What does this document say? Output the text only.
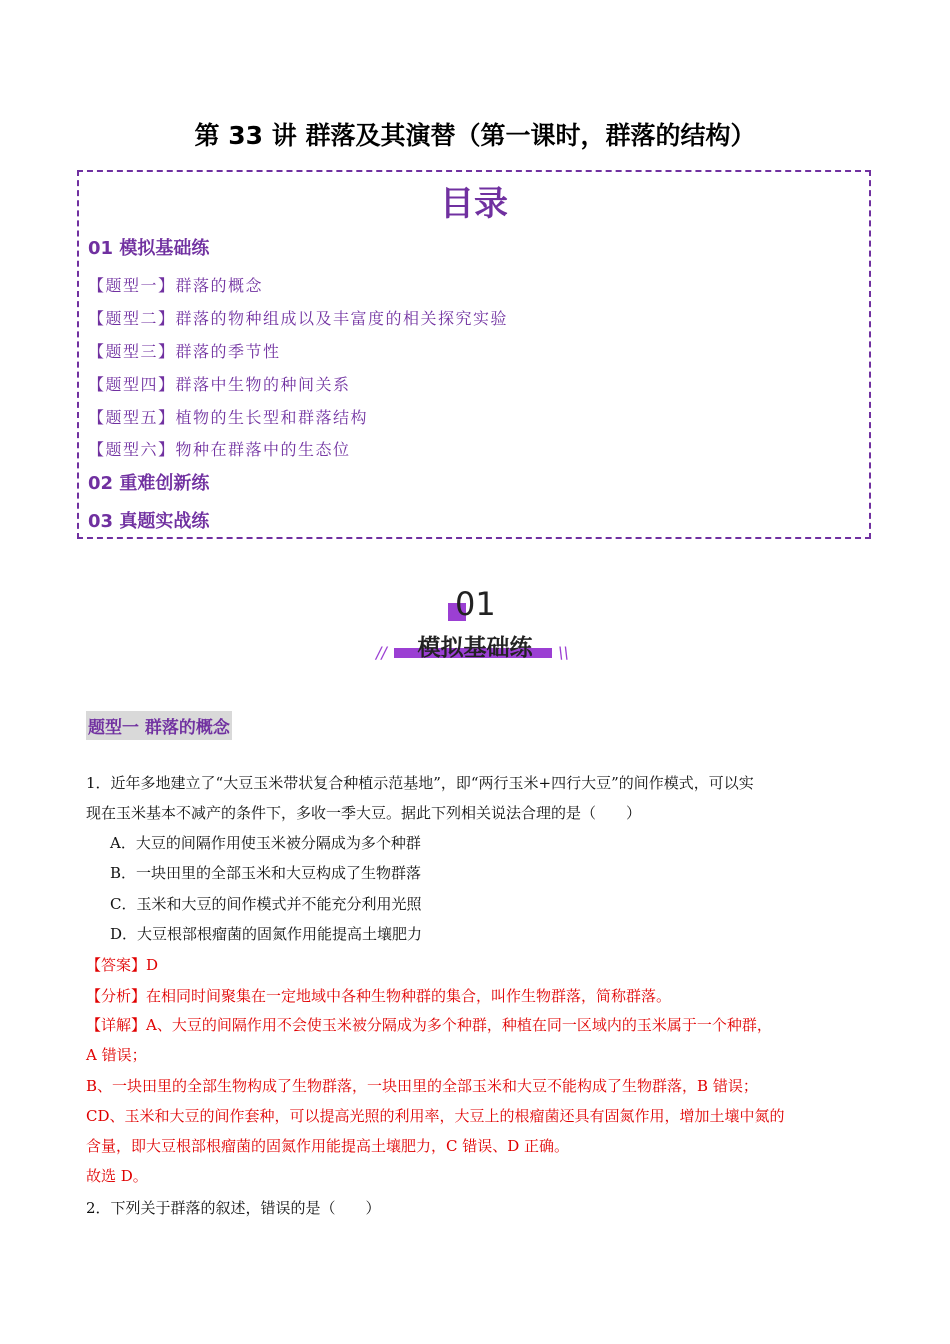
第 33 讲 群落及其演替（第一课时，群落的结构）
目录
01 模拟基础练
【题型一】群落的概念
【题型二】群落的物种组成以及丰富度的相关探究实验
【题型三】群落的季节性
【题型四】群落中生物的种间关系
【题型五】植物的生长型和群落结构
【题型六】物种在群落中的生态位
02 重难创新练
03 真题实战练
01
模拟基础练
//	\\
题型一 群落的概念
1．近年多地建立了“大豆玉米带状复合种植示范基地”，即“两行玉米+四行大豆”的间作模式，可以实
现在玉米基本不减产的条件下，多收一季大豆。据此下列相关说法合理的是（　　）
A．大豆的间隔作用使玉米被分隔成为多个种群
B．一块田里的全部玉米和大豆构成了生物群落
C．玉米和大豆的间作模式并不能充分利用光照
D．大豆根部根瘤菌的固氮作用能提高土壤肥力
【答案】D
【分析】在相同时间聚集在一定地域中各种生物种群的集合，叫作生物群落，简称群落。
【详解】A、大豆的间隔作用不会使玉米被分隔成为多个种群，种植在同一区域内的玉米属于一个种群，
A 错误；
B、一块田里的全部生物构成了生物群落，一块田里的全部玉米和大豆不能构成了生物群落，B 错误；
CD、玉米和大豆的间作套种，可以提高光照的利用率，大豆上的根瘤菌还具有固氮作用，增加土壤中氮的
含量，即大豆根部根瘤菌的固氮作用能提高土壤肥力，C 错误、D 正确。
故选 D。
2．下列关于群落的叙述，错误的是（　　）
